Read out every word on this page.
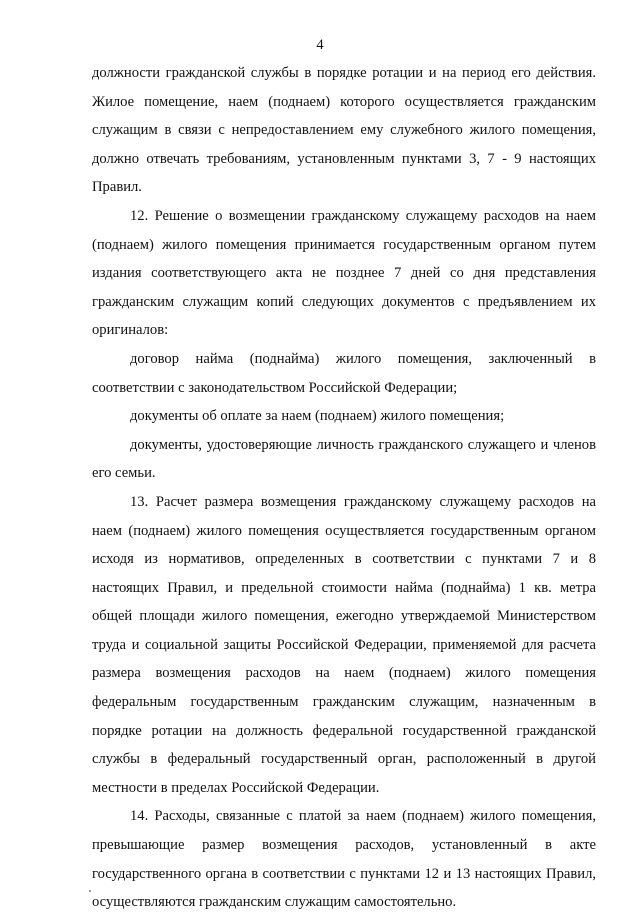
4

должности гражданской службы в порядке ротации и на период его действия. Жилое помещение, наем (поднаем) которого осуществляется гражданским служащим в связи с непредоставлением ему служебного жилого помещения, должно отвечать требованиям, установленным пунктами 3, 7 - 9 настоящих Правил.

12. Решение о возмещении гражданскому служащему расходов на наем (поднаем) жилого помещения принимается государственным органом путем издания соответствующего акта не позднее 7 дней со дня представления гражданским служащим копий следующих документов с предъявлением их оригиналов:

договор найма (поднайма) жилого помещения, заключенный в соответствии с законодательством Российской Федерации;

документы об оплате за наем (поднаем) жилого помещения;

документы, удостоверяющие личность гражданского служащего и членов его семьи.

13. Расчет размера возмещения гражданскому служащему расходов на наем (поднаем) жилого помещения осуществляется государственным органом исходя из нормативов, определенных в соответствии с пунктами 7 и 8 настоящих Правил, и предельной стоимости найма (поднайма) 1 кв. метра общей площади жилого помещения, ежегодно утверждаемой Министерством труда и социальной защиты Российской Федерации, применяемой для расчета размера возмещения расходов на наем (поднаем) жилого помещения федеральным государственным гражданским служащим, назначенным в порядке ротации на должность федеральной государственной гражданской службы в федеральный государственный орган, расположенный в другой местности в пределах Российской Федерации.

14. Расходы, связанные с платой за наем (поднаем) жилого помещения, превышающие размер возмещения расходов, установленный в акте государственного органа в соответствии с пунктами 12 и 13 настоящих Правил, осуществляются гражданским служащим самостоятельно.
